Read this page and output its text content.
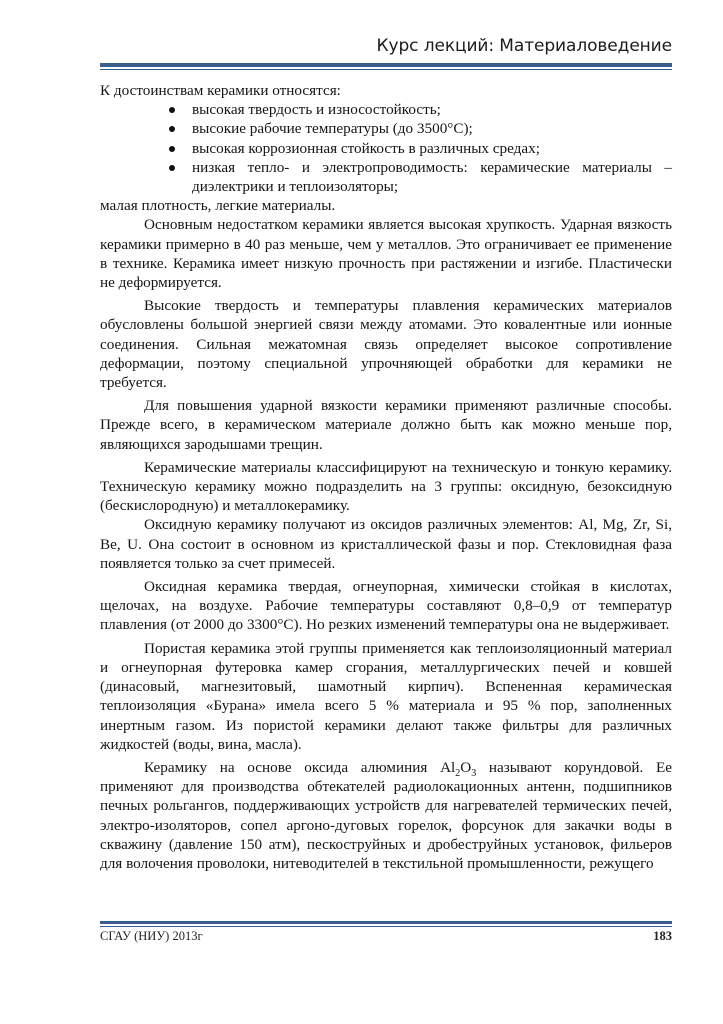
Курс лекций: Материаловедение

К достоинствам керамики относятся:

высокая твердость и износостойкость;
высокие рабочие температуры (до 3500°С);
высокая коррозионная стойкость в различных средах;
низкая тепло- и электропроводимость: керамические материалы – диэлектрики и теплоизоляторы;

малая плотность, легкие материалы.

Основным недостатком керамики является высокая хрупкость. Ударная вязкость керамики примерно в 40 раз меньше, чем у металлов. Это ограничивает ее применение в технике. Керамика имеет низкую прочность при растяжении и изгибе. Пластически не деформируется.

Высокие твердость и температуры плавления керамических материалов обусловлены большой энергией связи между атомами. Это ковалентные или ионные соединения. Сильная межатомная связь определяет высокое сопротивление деформации, поэтому специальной упрочняющей обработки для керамики не требуется.

Для повышения ударной вязкости керамики применяют различные способы. Прежде всего, в керамическом материале должно быть как можно меньше пор, являющихся зародышами трещин.

Керамические материалы классифицируют на техническую и тонкую керамику. Техническую керамику можно подразделить на 3 группы: оксидную, безоксидную (бескислородную) и металлокерамику.

Оксидную керамику получают из оксидов различных элементов: Al, Mg, Zr, Si, Be, U. Она состоит в основном из кристаллической фазы и пор. Стекловидная фаза появляется только за счет примесей.

Оксидная керамика твердая, огнеупорная, химически стойкая в кислотах, щелочах, на воздухе. Рабочие температуры составляют 0,8–0,9 от температур плавления (от 2000 до 3300°С). Но резких изменений температуры она не выдерживает.

Пористая керамика этой группы применяется как теплоизоляционный материал и огнеупорная футеровка камер сгорания, металлургических печей и ковшей (динасовый, магнезитовый, шамотный кирпич). Вспененная керамическая теплоизоляция «Бурана» имела всего 5 % материала и 95 % пор, заполненных инертным газом. Из пористой керамики делают также фильтры для различных жидкостей (воды, вина, масла).

Керамику на основе оксида алюминия $Al_2O_3$ называют корундовой. Ее применяют для производства обтекателей радиолокационных антенн, подшипников печных рольгангов, поддерживающих устройств для нагревателей термических печей, электро-изоляторов, сопел аргоно-дуговых горелок, форсунок для закачки воды в скважину (давление 150 атм), пескоструйных и дробеструйных установок, фильеров для волочения проволоки, нитеводителей в текстильной промышленности, режущего

СГАУ (НИУ) 2013г	183
